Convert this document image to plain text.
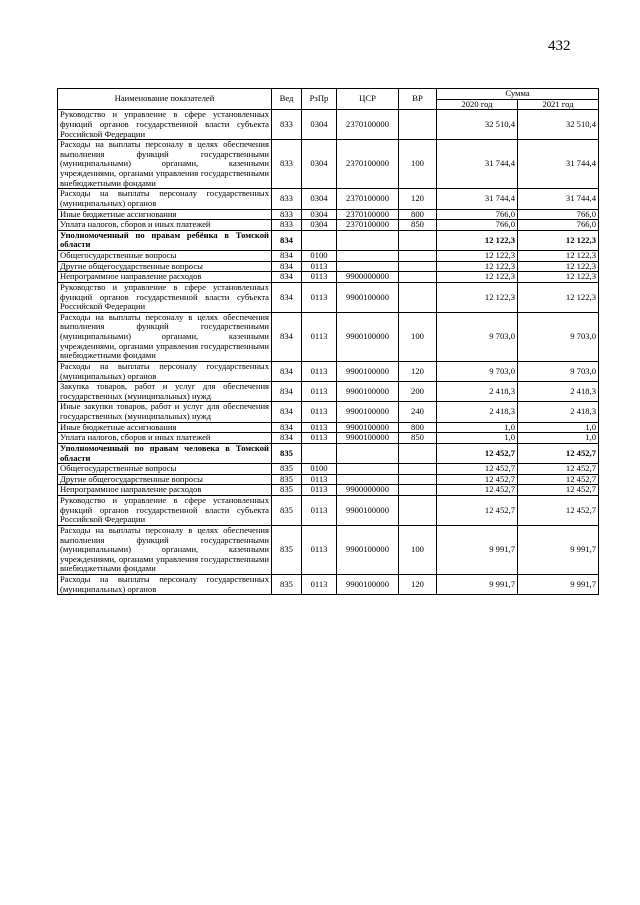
432
Наименование показателей	Вед	РзПр	ЦСР	ВР	Сумма	
					2020 год	2021 год
Руководство и управление в сфере установленных функций органов государственной власти субъекта Российской Федерации	833	0304	2370100000		32 510,4	32 510,4
Расходы на выплаты персоналу в целях обеспечения выполнения функций государственными (муниципальными) органами, казенными учреждениями, органами управления государственными внебюджетными фондами	833	0304	2370100000	100	31 744,4	31 744,4
Расходы на выплаты персоналу государственных (муниципальных) органов	833	0304	2370100000	120	31 744,4	31 744,4
Иные бюджетные ассигнования	833	0304	2370100000	800	766,0	766,0
Уплата налогов, сборов и иных платежей	833	0304	2370100000	850	766,0	766,0
Уполномоченный по правам ребёнка в Томской области	834				12 122,3	12 122,3
Общегосударственные вопросы	834	0100			12 122,3	12 122,3
Другие общегосударственные вопросы	834	0113			12 122,3	12 122,3
Непрограммное направление расходов	834	0113	9900000000		12 122,3	12 122,3
Руководство и управление в сфере установленных функций органов государственной власти субъекта Российской Федерации	834	0113	9900100000		12 122,3	12 122,3
Расходы на выплаты персоналу в целях обеспечения выполнения функций государственными (муниципальными) органами, казенными учреждениями, органами управления государственными внебюджетными фондами	834	0113	9900100000	100	9 703,0	9 703,0
Расходы на выплаты персоналу государственных (муниципальных) органов	834	0113	9900100000	120	9 703,0	9 703,0
Закупка товаров, работ и услуг для обеспечения государственных (муниципальных) нужд	834	0113	9900100000	200	2 418,3	2 418,3
Иные закупки товаров, работ и услуг для обеспечения государственных (муниципальных) нужд	834	0113	9900100000	240	2 418,3	2 418,3
Иные бюджетные ассигнования	834	0113	9900100000	800	1,0	1,0
Уплата налогов, сборов и иных платежей	834	0113	9900100000	850	1,0	1,0
Уполномоченный по правам человека в Томской области	835				12 452,7	12 452,7
Общегосударственные вопросы	835	0100			12 452,7	12 452,7
Другие общегосударственные вопросы	835	0113			12 452,7	12 452,7
Непрограммное направление расходов	835	0113	9900000000		12 452,7	12 452,7
Руководство и управление в сфере установленных функций органов государственной власти субъекта Российской Федерации	835	0113	9900100000		12 452,7	12 452,7
Расходы на выплаты персоналу в целях обеспечения выполнения функций государственными (муниципальными) органами, казенными учреждениями, органами управления государственными внебюджетными фондами	835	0113	9900100000	100	9 991,7	9 991,7
Расходы на выплаты персоналу государственных (муниципальных) органов	835	0113	9900100000	120	9 991,7	9 991,7
